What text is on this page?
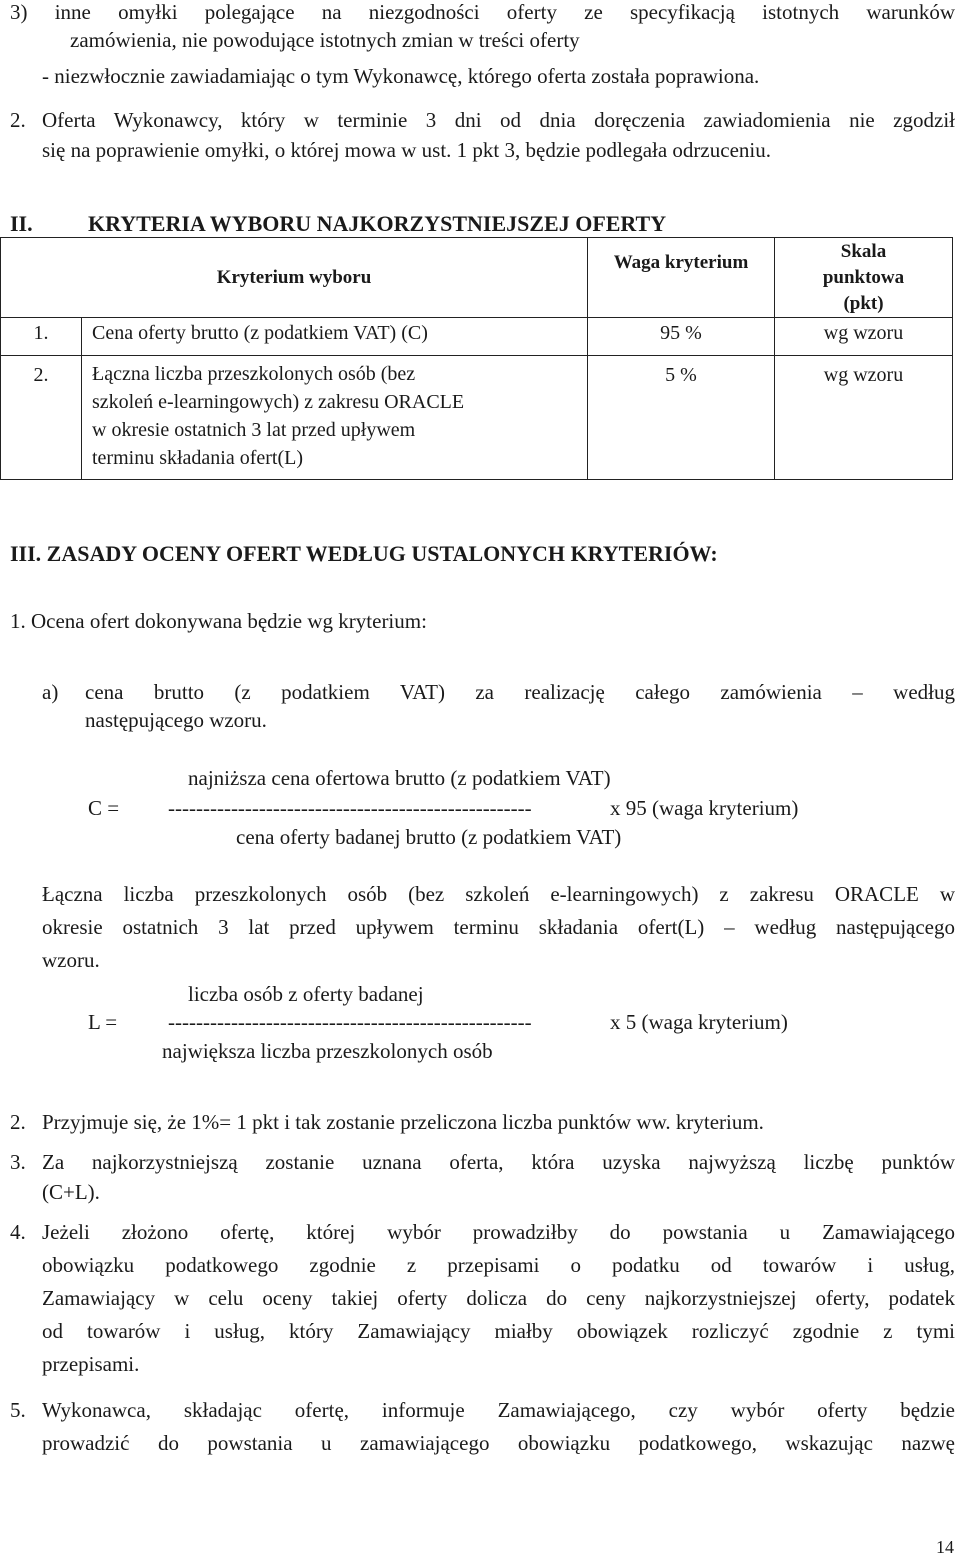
3) inne omyłki polegające na niezgodności oferty ze specyfikacją istotnych warunków
zamówienia, nie powodujące istotnych zmian w treści oferty
- niezwłocznie zawiadamiając o tym Wykonawcę, którego oferta została poprawiona.
2. Oferta Wykonawcy, który w terminie 3 dni od dnia doręczenia zawiadomienia nie zgodził
się na poprawienie omyłki, o której mowa w ust. 1 pkt 3, będzie podlegała odrzuceniu.
II.	KRYTERIA WYBORU NAJKORZYSTNIEJSZEJ OFERTY
Kryterium wyboru		Waga kryterium	Skala
punktowa
(pkt)

1.	Cena oferty brutto (z podatkiem VAT) (C)	95 %	wg wzoru
2.	Łączna liczba przeszkolonych osób (bez
szkoleń e-learningowych) z zakresu ORACLE
w okresie ostatnich 3 lat przed upływem
terminu składania ofert(L)	5 %	wg wzoru
III. ZASADY OCENY OFERT WEDŁUG USTALONYCH KRYTERIÓW:
1. Ocena ofert dokonywana będzie wg kryterium:
a) cena brutto (z podatkiem VAT) za realizację całego zamówienia – według
następującego wzoru.
najniższa cena ofertowa brutto (z podatkiem VAT)
C = ----------------------------------------------------	x 95 (waga kryterium)
cena oferty badanej brutto (z podatkiem VAT)
Łączna liczba przeszkolonych osób (bez szkoleń e-learningowych) z zakresu ORACLE w
okresie ostatnich 3 lat przed upływem terminu składania ofert(L) – według następującego
wzoru.
liczba osób z oferty badanej
L = ----------------------------------------------------	x 5 (waga kryterium)
największa liczba przeszkolonych osób
2. Przyjmuje się, że 1%= 1 pkt i tak zostanie przeliczona liczba punktów ww. kryterium.
3. Za najkorzystniejszą zostanie uznana oferta, która uzyska najwyższą liczbę punktów
(C+L).
4. Jeżeli złożono ofertę, której wybór prowadziłby do powstania u Zamawiającego
obowiązku podatkowego zgodnie z przepisami o podatku od towarów i usług,
Zamawiający w celu oceny takiej oferty dolicza do ceny najkorzystniejszej oferty, podatek
od towarów i usług, który Zamawiający miałby obowiązek rozliczyć zgodnie z tymi
przepisami.
5. Wykonawca, składając ofertę, informuje Zamawiającego, czy wybór oferty będzie
prowadzić do powstania u zamawiającego obowiązku podatkowego, wskazując nazwę
14
